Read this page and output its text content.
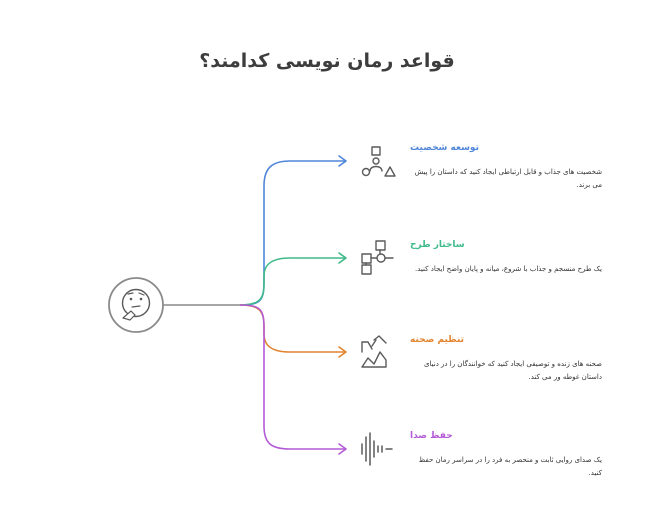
قواعد رمان نویسی کدامند؟
توسعه شخصیت
شخصیت های جذاب و قابل ارتباطی ایجاد کنید که داستان را پیش می برند.
ساختار طرح
یک طرح منسجم و جذاب با شروع، میانه و پایان واضح ایجاد کنید.
تنظیم صحنه
صحنه های زنده و توصیفی ایجاد کنید که خوانندگان را در دنیای داستان غوطه ور می کند.
حفظ صدا
یک صدای روایی ثابت و منحصر به فرد را در سراسر رمان حفظ کنید.
